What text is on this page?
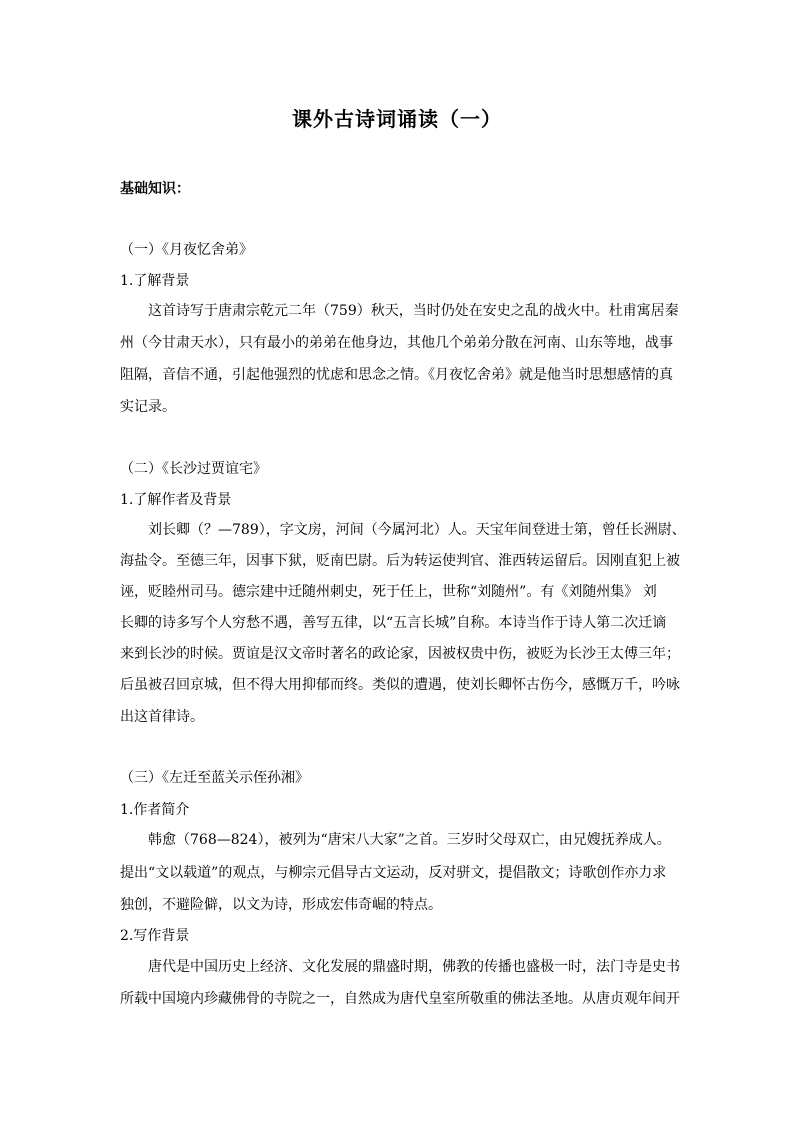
课外古诗词诵读（一）
基础知识：
（一）《月夜忆舍弟》
1.了解背景
这首诗写于唐肃宗乾元二年（759）秋天，当时仍处在安史之乱的战火中。杜甫寓居秦
州（今甘肃天水），只有最小的弟弟在他身边，其他几个弟弟分散在河南、山东等地，战事
阻隔，音信不通，引起他强烈的忧虑和思念之情。《月夜忆舍弟》就是他当时思想感情的真
实记录。
（二）《长沙过贾谊宅》
1.了解作者及背景
刘长卿（？—789），字文房，河间（今属河北）人。天宝年间登进士第，曾任长洲尉、
海盐令。至德三年，因事下狱，贬南巴尉。后为转运使判官、淮西转运留后。因刚直犯上被
诬，贬睦州司马。德宗建中迁随州刺史，死于任上，世称“刘随州”。有《刘随州集》 刘
长卿的诗多写个人穷愁不遇，善写五律，以“五言长城”自称。本诗当作于诗人第二次迁谪
来到长沙的时候。贾谊是汉文帝时著名的政论家，因被权贵中伤，被贬为长沙王太傅三年；
后虽被召回京城，但不得大用抑郁而终。类似的遭遇，使刘长卿怀古伤今，感慨万千，吟咏
出这首律诗。
（三）《左迁至蓝关示侄孙湘》
1.作者简介
韩愈（768—824），被列为“唐宋八大家”之首。三岁时父母双亡，由兄嫂抚养成人。
提出“文以载道”的观点，与柳宗元倡导古文运动，反对骈文，提倡散文；诗歌创作亦力求
独创，不避险僻，以文为诗，形成宏伟奇崛的特点。
2.写作背景
唐代是中国历史上经济、文化发展的鼎盛时期，佛教的传播也盛极一时，法门寺是史书
所载中国境内珍藏佛骨的寺院之一，自然成为唐代皇室所敬重的佛法圣地。从唐贞观年间开
